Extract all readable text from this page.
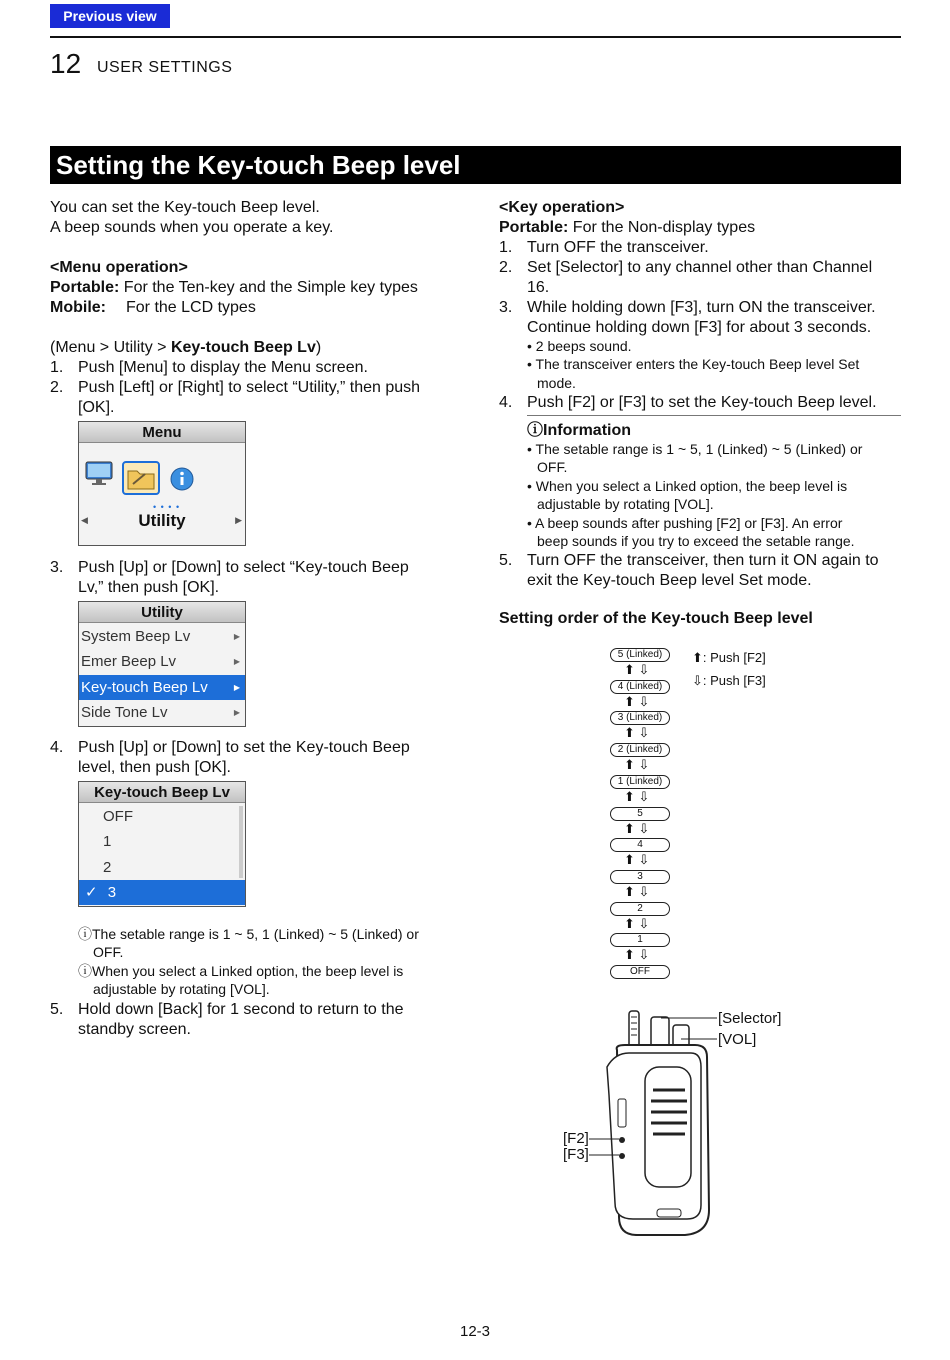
Previous view
12 USER SETTINGS
Setting the Key-touch Beep level
You can set the Key-touch Beep level.
A beep sounds when you operate a key.
<Menu operation>
Portable: For the Ten-key and the Simple key types
Mobile: For the LCD types
(Menu > Utility > Key-touch Beep Lv)
1. Push [Menu] to display the Menu screen.
2. Push [Left] or [Right] to select “Utility,” then push
[OK].
Menu
• • • •
◀	Utility	▶
3. Push [Up] or [Down] to select “Key-touch Beep
Lv,” then push [OK].
Utility
System Beep Lv	▶
Emer Beep Lv	▶
Key-touch Beep Lv	▶
Side Tone Lv	▶
4. Push [Up] or [Down] to set the Key-touch Beep
level, then push [OK].
Key-touch Beep Lv
OFF
1
2
✓ 3
ⓘThe setable range is 1 ~ 5, 1 (Linked) ~ 5 (Linked) or
OFF.
ⓘWhen you select a Linked option, the beep level is
adjustable by rotating [VOL].
5. Hold down [Back] for 1 second to return to the
standby screen.
<Key operation>
Portable: For the Non-display types
1. Turn OFF the transceiver.
2. Set [Selector] to any channel other than Channel
16.
3. While holding down [F3], turn ON the transceiver.
Continue holding down [F3] for about 3 seconds.
• 2 beeps sound.
• The transceiver enters the Key-touch Beep level Set
mode.
4. Push [F2] or [F3] to set the Key-touch Beep level.
ⓘInformation
• The setable range is 1 ~ 5, 1 (Linked) ~ 5 (Linked) or
OFF.
• When you select a Linked option, the beep level is
adjustable by rotating [VOL].
• A beep sounds after pushing [F2] or [F3]. An error
beep sounds if you try to exceed the setable range.
5. Turn OFF the transceiver, then turn it ON again to
exit the Key-touch Beep level Set mode.
Setting order of the Key-touch Beep level
5 (Linked)
⬆ ⇩
4 (Linked)
⬆ ⇩
3 (Linked)
⬆ ⇩
2 (Linked)
⬆ ⇩
1 (Linked)
⬆ ⇩
5
⬆ ⇩
4
⬆ ⇩
3
⬆ ⇩
2
⬆ ⇩
1
⬆ ⇩
OFF
⬆: Push [F2]
⇩: Push [F3]
[Selector]
[VOL]
[F2]
[F3]
12-3
